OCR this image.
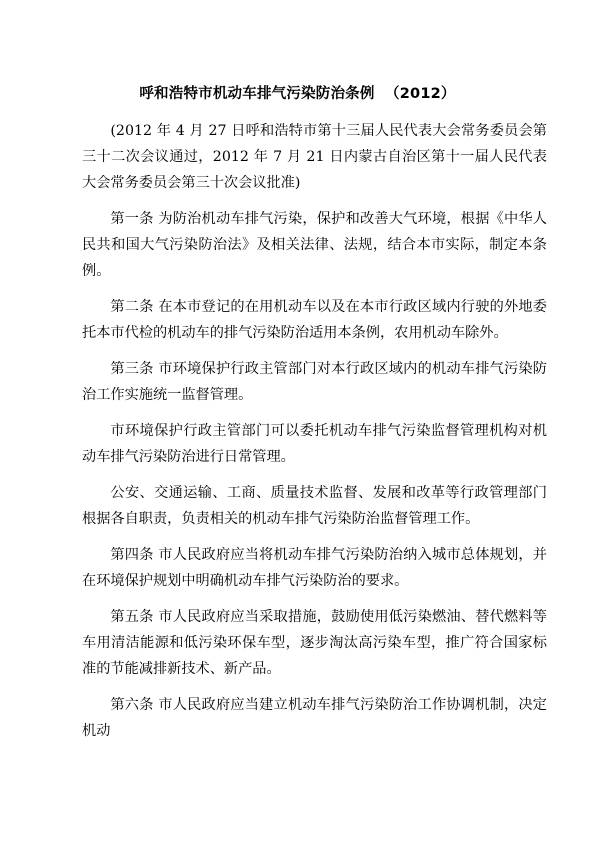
呼和浩特市机动车排气污染防治条例  （2012）

(2012 年 4 月 27 日呼和浩特市第十三届人民代表大会常务委员会第三十二次会议通过，2012 年 7 月 21 日内蒙古自治区第十一届人民代表大会常务委员会第三十次会议批准)

第一条 为防治机动车排气污染，保护和改善大气环境，根据《中华人民共和国大气污染防治法》及相关法律、法规，结合本市实际，制定本条例。

第二条 在本市登记的在用机动车以及在本市行政区域内行驶的外地委托本市代检的机动车的排气污染防治适用本条例，农用机动车除外。

第三条 市环境保护行政主管部门对本行政区域内的机动车排气污染防治工作实施统一监督管理。

市环境保护行政主管部门可以委托机动车排气污染监督管理机构对机动车排气污染防治进行日常管理。

公安、交通运输、工商、质量技术监督、发展和改革等行政管理部门根据各自职责，负责相关的机动车排气污染防治监督管理工作。

第四条 市人民政府应当将机动车排气污染防治纳入城市总体规划，并在环境保护规划中明确机动车排气污染防治的要求。

第五条 市人民政府应当采取措施，鼓励使用低污染燃油、替代燃料等车用清洁能源和低污染环保车型，逐步淘汰高污染车型，推广符合国家标准的节能减排新技术、新产品。

第六条 市人民政府应当建立机动车排气污染防治工作协调机制，决定机动
